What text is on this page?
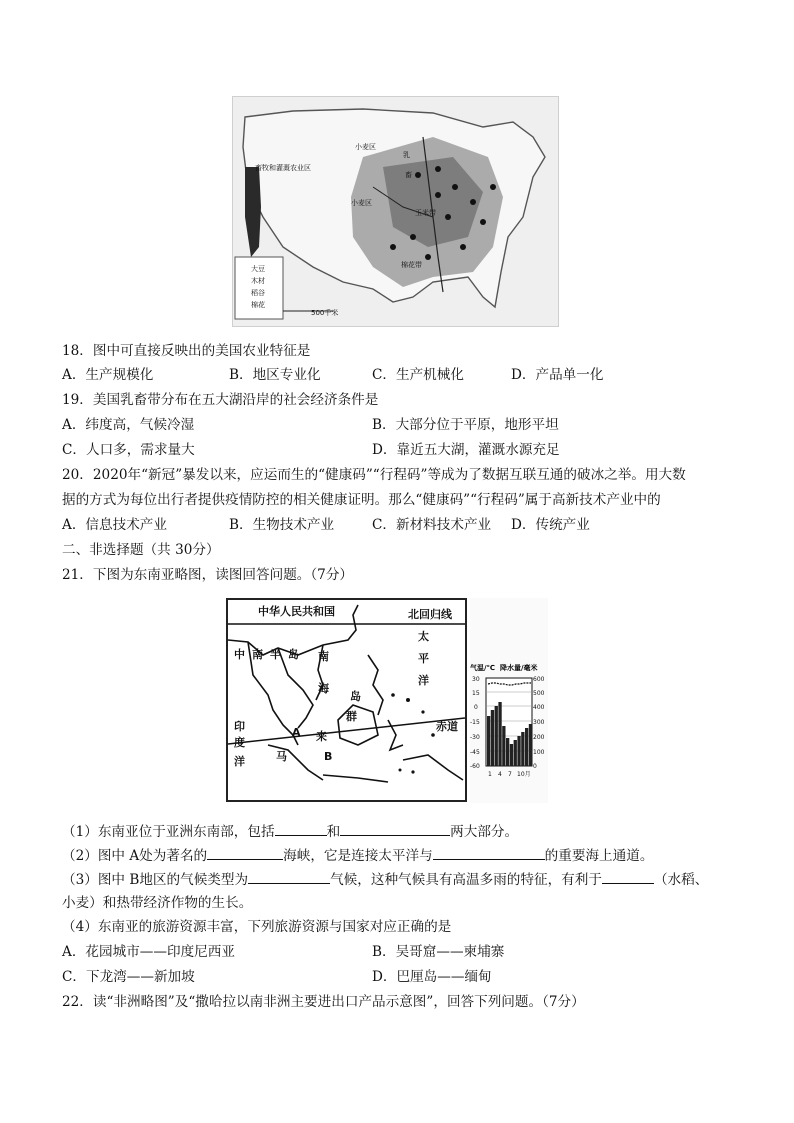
畜牧和灌溉农业区
小麦区
乳
畜
玉米带
小麦区
棉花带
大豆
木材
稻谷
棉花
500千米
18．图中可直接反映出的美国农业特征是
A．生产规模化	B．地区专业化	C．生产机械化	D．产品单一化
19．美国乳畜带分布在五大湖沿岸的社会经济条件是
A．纬度高，气候冷湿	B．大部分位于平原，地形平坦
C．人口多，需求量大	D．靠近五大湖，灌溉水源充足
20．2020年“新冠”暴发以来，应运而生的“健康码”“行程码”等成为了数据互联互通的破冰之举。用大数
据的方式为每位出行者提供疫情防控的相关健康证明。那么“健康码”“行程码”属于高新技术产业中的
A．信息技术产业	B．生物技术产业	C．新材料技术产业 D．传统产业
二、非选择题（共 30分）
21．下图为东南亚略图，读图回答问题。（7分）
中华人民共和国	北回归线
赤道
中 南 半 岛 南
海
太
平
洋
印
度
洋	马
来
群
岛
A
B
气温/℃ 降水量/毫米
30
15
0
-15
-30
-45
-60
600
500
400
300
200
100
0
1 4 7 10月
（1）东南亚位于亚洲东南部，包括	和	两大部分。
（2）图中 A处为著名的	海峡，它是连接太平洋与	的重要海上通道。
（3）图中 B地区的气候类型为	气候，这种气候具有高温多雨的特征，有利于	（水稻、
小麦）和热带经济作物的生长。
（4）东南亚的旅游资源丰富，下列旅游资源与国家对应正确的是
A．花园城市——印度尼西亚	B．吴哥窟——柬埔寨
C．下龙湾——新加坡	D．巴厘岛——缅甸
22．读“非洲略图”及“撒哈拉以南非洲主要进出口产品示意图”，回答下列问题。（7分）
